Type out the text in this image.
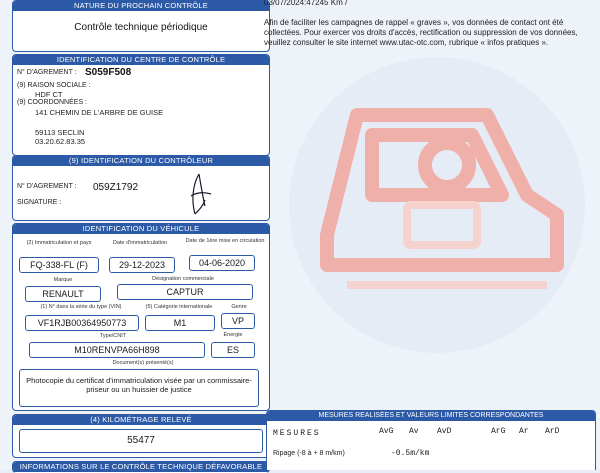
NATURE DU PROCHAIN CONTRÔLE
Contrôle technique périodique
IDENTIFICATION DU CENTRE DE CONTRÔLE
N° D'AGREMENT : S059F508
(9) RAISON SOCIALE :
HDF CT
(9) COORDONNÉES :
141 CHEMIN DE L'ARBRE DE GUISE
59113 SECLIN
03.20.62.83.35
(9) IDENTIFICATION DU CONTRÔLEUR
N° D'AGREMENT : 059Z1792
SIGNATURE :
IDENTIFICATION DU VÉHICULE
(2) Immatriculation et pays	Date d'immatriculation	Date de 1ère mise en circulation
FQ-338-FL (F)	29-12-2023	04-06-2020
Marque	Désignation commerciale
RENAULT	CAPTUR
(1) N° dans la série du type (VIN)	(5) Catégorie internationale	Genre
VF1RJB00364950773	M1	VP
Type/CNIT	Énergie
M10RENVPA66H898	ES
Document(s) présenté(s)
Photocopie du certificat d'immatriculation visée par un commissaire-priseur ou un huissier de justice
(4) KILOMÉTRAGE RELEVÉ
55477
INFORMATIONS SUR LE CONTRÔLE TECHNIQUE DÉFAVORABLE
03/07/2024:47245 Km /
Afin de faciliter les campagnes de rappel « graves », vos données de contact ont été collectées. Pour exercer vos droits d'accès, rectification ou suppression de vos données, veuillez consulter le site internet www.utac-otc.com, rubrique « infos pratiques ».
MESURES REALISÉES ET VALEURS LIMITES CORRESPONDANTES
MESURES	AvG Av AvD	ArG Ar ArD
Ripage (-8 à + 8 m/km)	-0.5m/km
